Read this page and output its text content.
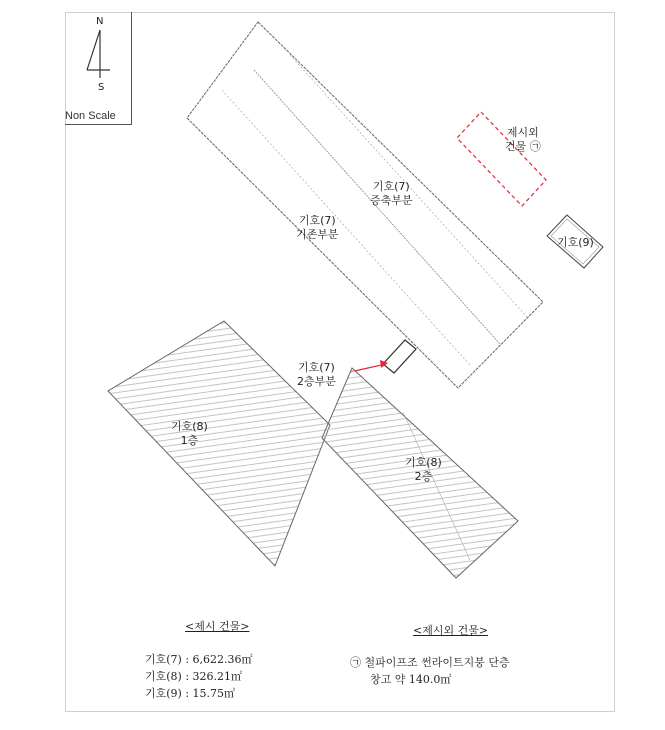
N
S
Non Scale
기호(7)
증축부분
기호(7)
기존부분
기호(7)
2층부분
제시외
건물 ㉠
기호(9)
기호(8)
1층
기호(8)
2층
<제시 건물>
기호(7) : 6,622.36㎡
기호(8) : 326.21㎡
기호(9) : 15.75㎡
<제시외 건물>
㉠ 철파이프조 썬라이트지붕 단층
창고 약 140.0㎡
